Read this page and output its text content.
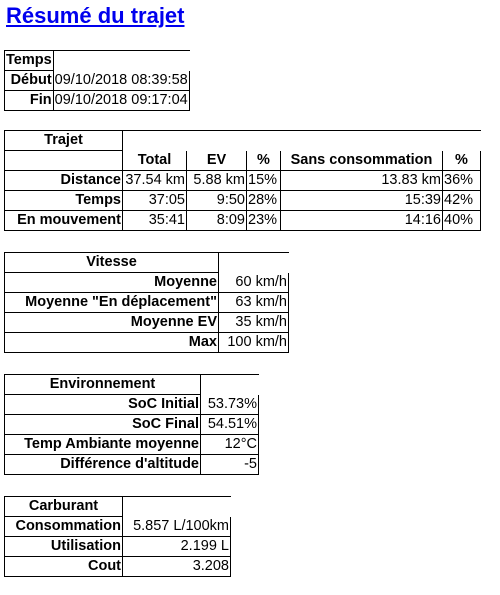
Résumé du trajet
Temps	
Début	09/10/2018 08:39:58
Fin	09/10/2018 09:17:04
Trajet					
	Total	EV	%	Sans consommation	%
Distance	37.54 km	5.88 km	15%	13.83 km	36%
Temps	37:05	9:50	28%	15:39	42%
En mouvement	35:41	8:09	23%	14:16	40%
Vitesse	
Moyenne	60 km/h
Moyenne "En déplacement"	63 km/h
Moyenne EV	35 km/h
Max	100 km/h
Environnement	
SoC Initial	53.73%
SoC Final	54.51%
Temp Ambiante moyenne	12°C
Différence d'altitude	-5
Carburant	
Consommation	5.857 L/100km
Utilisation	2.199 L
Cout	3.208
